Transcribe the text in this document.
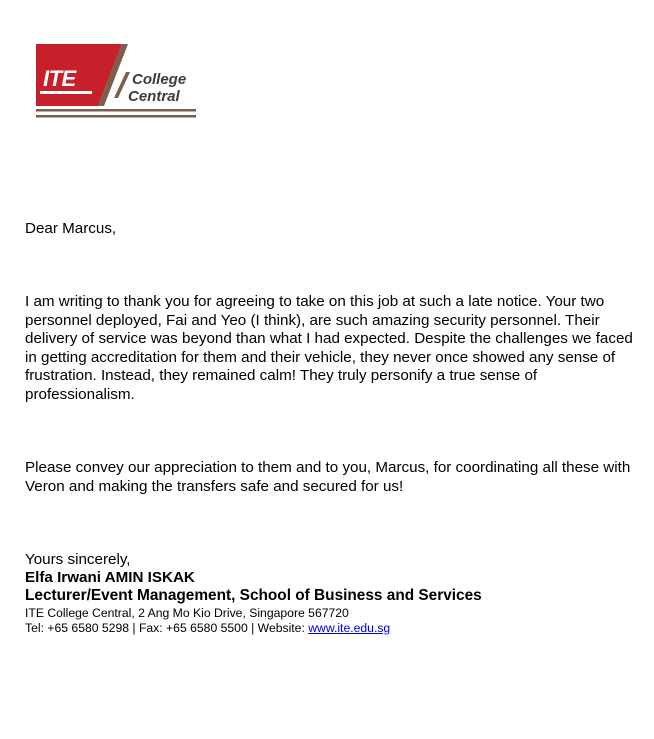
ITE	College
Central
Dear Marcus,

I am writing to thank you for agreeing to take on this job at such a late notice. Your two personnel deployed, Fai and Yeo (I think), are such amazing security personnel. Their delivery of service was beyond than what I had expected. Despite the challenges we faced in getting accreditation for them and their vehicle, they never once showed any sense of frustration. Instead, they remained calm! They truly personify a true sense of professionalism.

Please convey our appreciation to them and to you, Marcus, for coordinating all these with Veron and making the transfers safe and secured for us!

Yours sincerely,
Elfa Irwani AMIN ISKAK
Lecturer/Event Management, School of Business and Services
ITE College Central, 2 Ang Mo Kio Drive, Singapore 567720
Tel: +65 6580 5298 | Fax: +65 6580 5500 | Website: www.ite.edu.sg
